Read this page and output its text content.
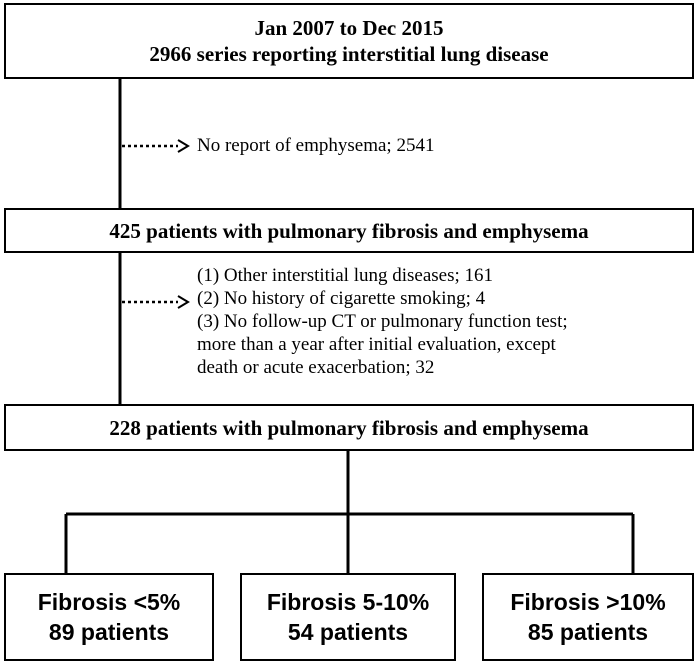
Jan 2007 to Dec 2015
2966 series reporting interstitial lung disease
No report of emphysema; 2541
425 patients with pulmonary fibrosis and emphysema
(1) Other interstitial lung diseases; 161
(2) No history of cigarette smoking; 4
(3) No follow-up CT or pulmonary function test;
more than a year after initial evaluation, except
death or acute exacerbation; 32
228 patients with pulmonary fibrosis and emphysema
Fibrosis <5%
89 patients
Fibrosis 5-10%
54 patients
Fibrosis >10%
85 patients
